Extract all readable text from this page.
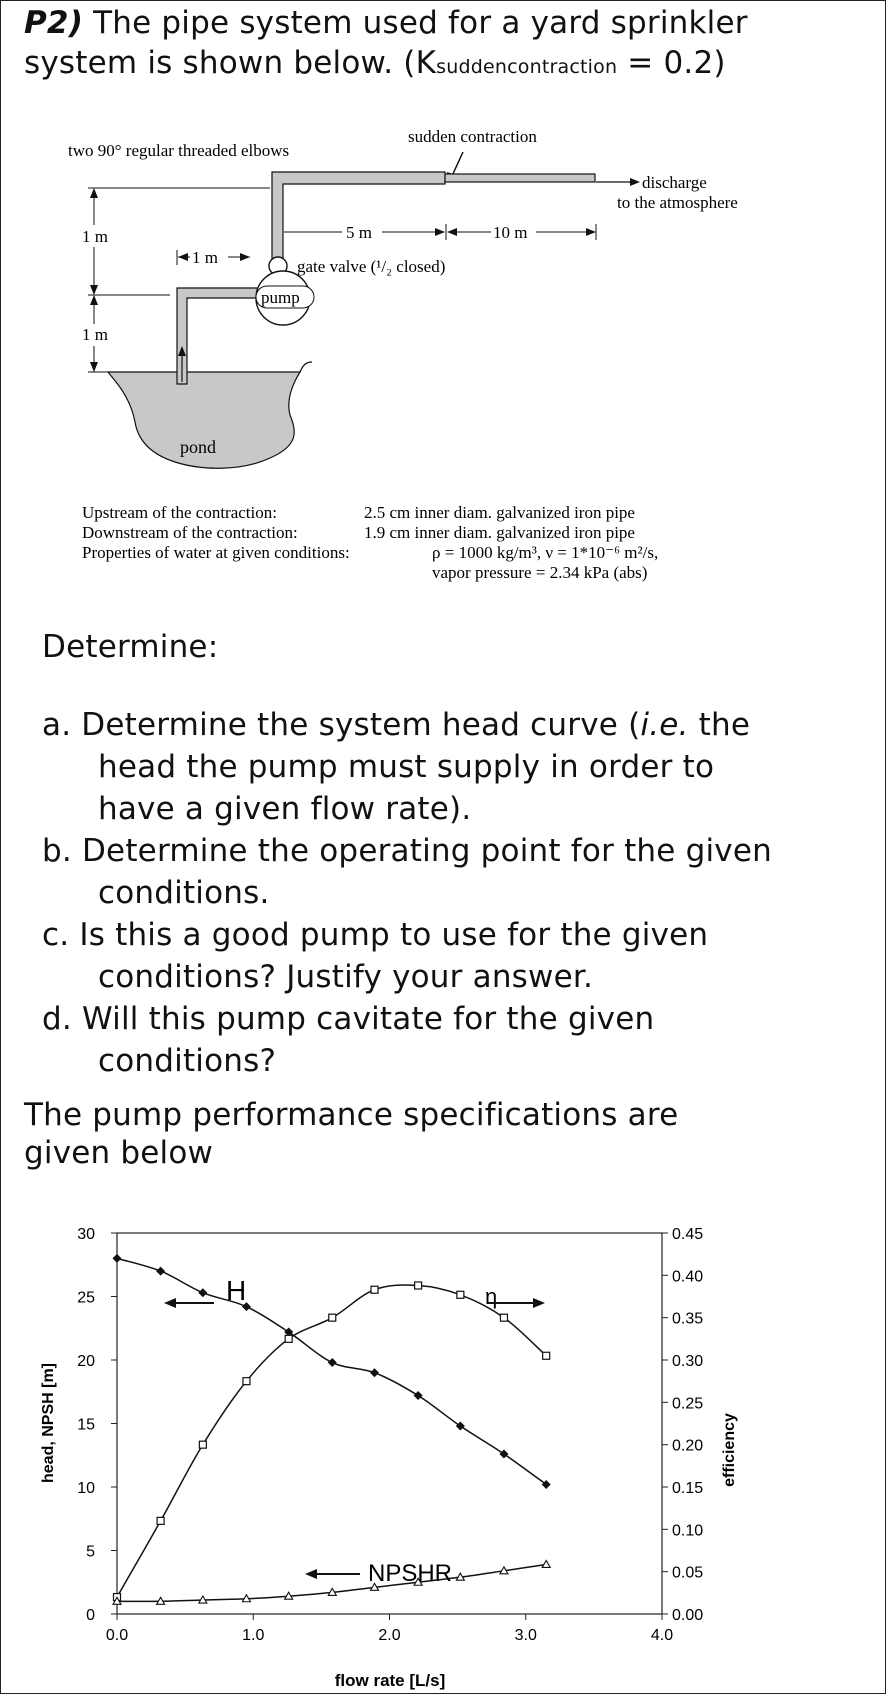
P2) The pipe system used for a yard sprinkler
system is shown below. (Ksuddencontraction = 0.2)
two 90° regular threaded elbows
sudden contraction
discharge
to the atmosphere
1 m
1 m
pond
1 m	gate valve (¹/₂ closed)
pump
5 m	10 m
Upstream of the contraction:	2.5 cm inner diam. galvanized iron pipe
Downstream of the contraction:	1.9 cm inner diam. galvanized iron pipe
Properties of water at given conditions:	ρ = 1000 kg/m³, ν = 1*10⁻⁶ m²/s,
vapor pressure = 2.34 kPa (abs)
Determine:
a. Determine the system head curve (i.e. the
head the pump must supply in order to
have a given flow rate).
b. Determine the operating point for the given
conditions.
c. Is this a good pump to use for the given
conditions? Justify your answer.
d. Will this pump cavitate for the given
conditions?
The pump performance specifications are
given below
0.0	1.0	2.0	3.0	4.0
0
5
10
15
20
25
30
0.00
0.05
0.10
0.15
0.20
0.25
0.30
0.35
0.40
0.45
H	η
NPSHR
flow rate [L/s]
head, NPSH [m]	efficiency
